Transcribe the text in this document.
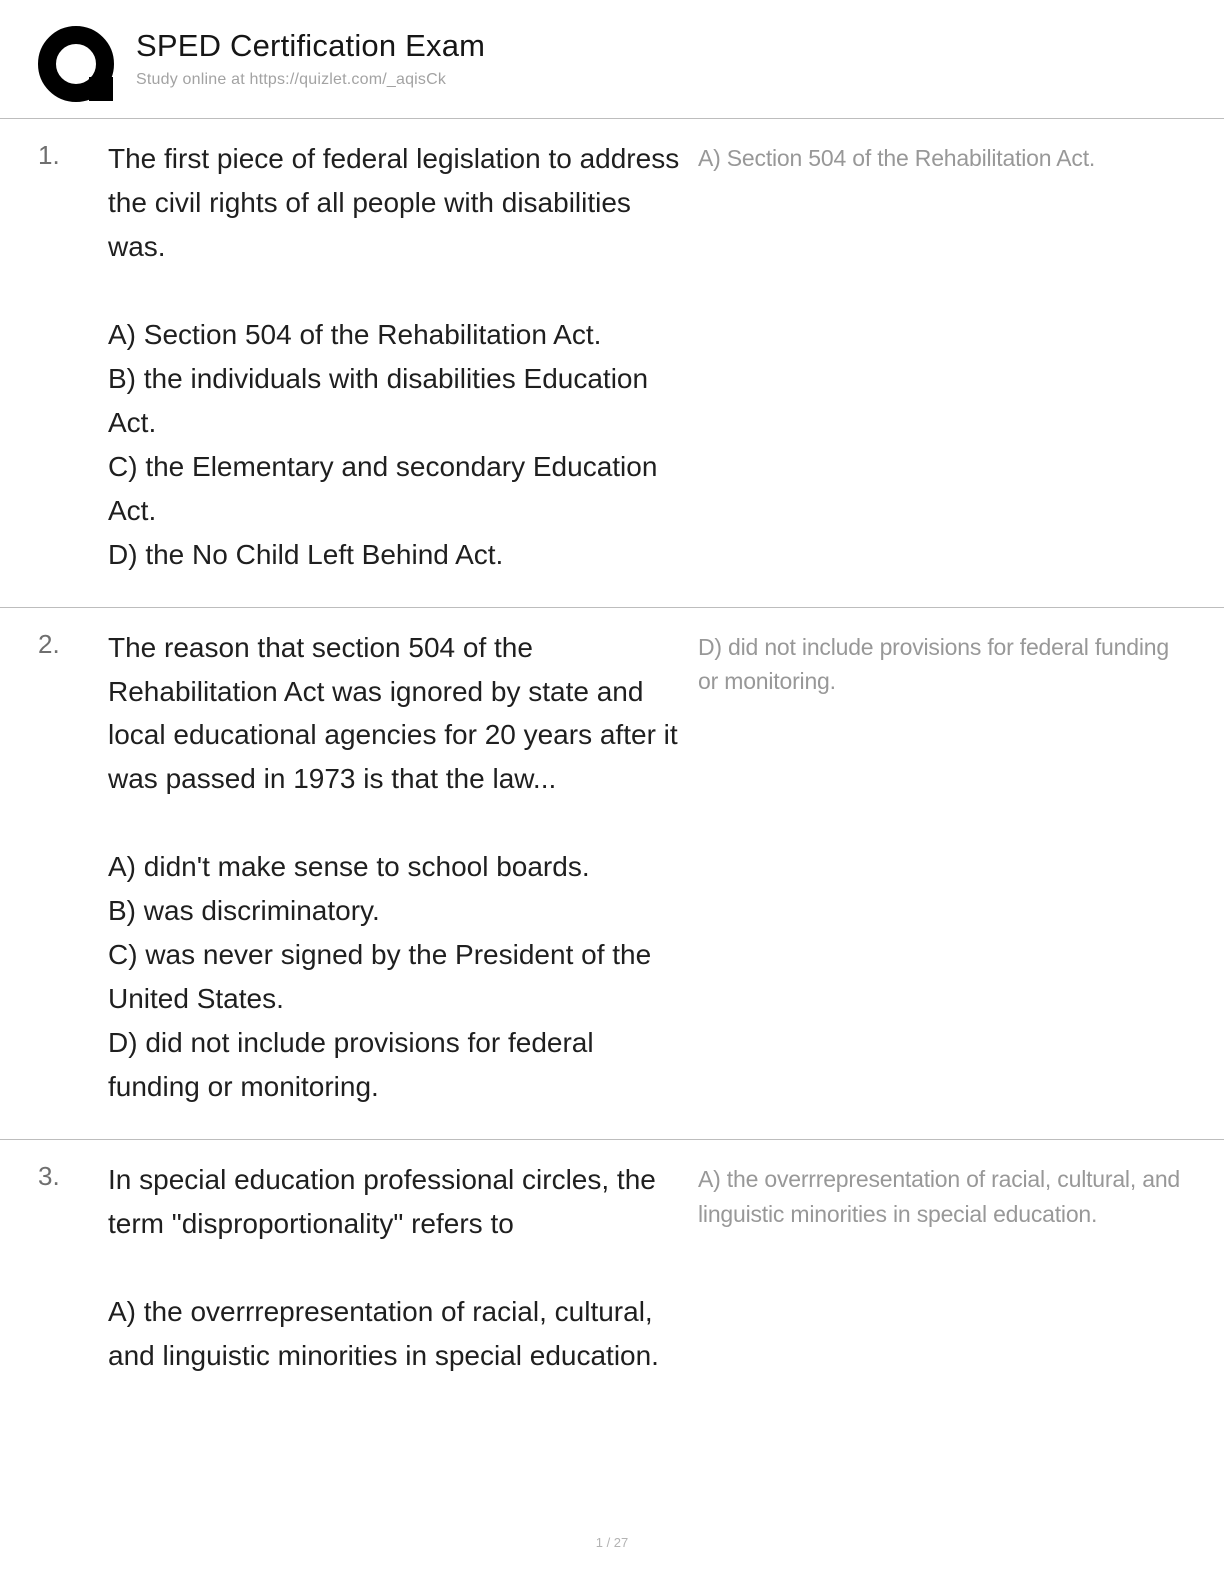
SPED Certification Exam
Study online at https://quizlet.com/_aqisCk
1.	The first piece of federal legislation to address the civil rights of all people with disabilities was.

A) Section 504 of the Rehabilitation Act.

B) the individuals with disabilities Education Act.

C) the Elementary and secondary Education Act.

D) the No Child Left Behind Act.

A) Section 504 of the Rehabilitation Act.
2.	The reason that section 504 of the Rehabilitation Act was ignored by state and local educational agencies for 20 years after it was passed in 1973 is that the law...

A) didn't make sense to school boards.

B) was discriminatory.

C) was never signed by the President of the United States.

D) did not include provisions for federal funding or monitoring.

D) did not include provisions for federal funding or monitoring.
3.	In special education professional circles, the term "disproportionality" refers to

A) the overrrepresentation of racial, cultural, and linguistic minorities in special education.

A) the overrrepresentation of racial, cultural, and linguistic minorities in special education.
1 / 27
